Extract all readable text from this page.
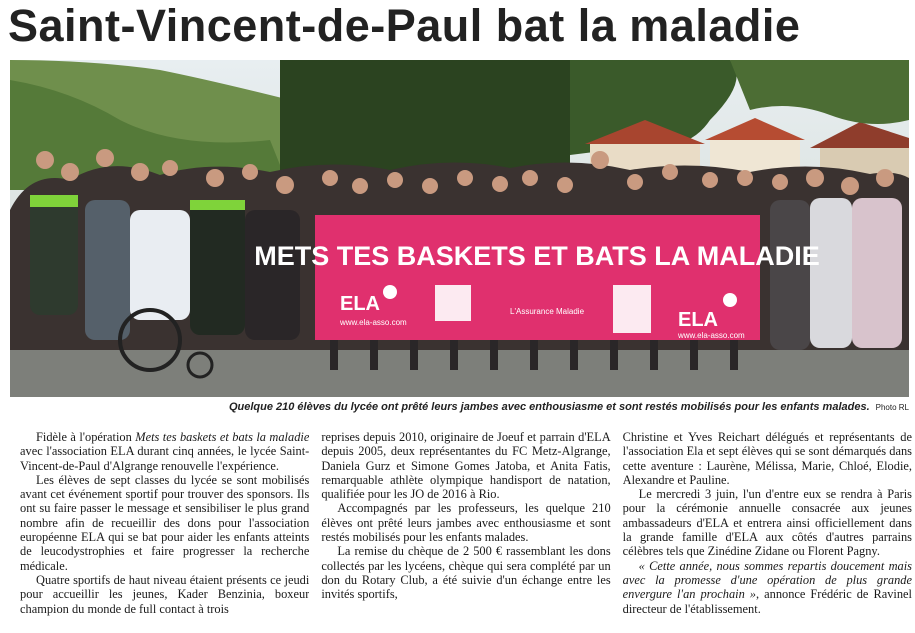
Saint-Vincent-de-Paul bat la maladie
METS TES BASKETS ET BATS LA MALADIE
ELA
www.ela-asso.com
L'Assurance Maladie	ELA
www.ela-asso.com
Quelque 210 élèves du lycée ont prêté leurs jambes avec enthousiasme et sont restés mobilisés pour les enfants malades. Photo RL

Fidèle à l'opération Mets tes baskets et bats la maladie avec l'association ELA durant cinq années, le lycée Saint-Vincent-de-Paul d'Algrange renouvelle l'expérience.

Les élèves de sept classes du lycée se sont mobilisés avant cet événement sportif pour trouver des sponsors. Ils ont su faire passer le message et sensibiliser le plus grand nombre afin de recueillir des dons pour l'association européenne ELA qui se bat pour aider les enfants atteints de leucodystrophies et faire progresser la recherche médicale.

Quatre sportifs de haut niveau étaient présents ce jeudi pour accueillir les jeunes, Kader Benzinia, boxeur champion du monde de full contact à trois

reprises depuis 2010, originaire de Joeuf et parrain d'ELA depuis 2005, deux représentantes du FC Metz-Algrange, Daniela Gurz et Simone Gomes Jatoba, et Anita Fatis, remarquable athlète olympique handisport de natation, qualifiée pour les JO de 2016 à Rio.

Accompagnés par les professeurs, les quelque 210 élèves ont prêté leurs jambes avec enthousiasme et sont restés mobilisés pour les enfants malades.

La remise du chèque de 2 500 € rassemblant les dons collectés par les lycéens, chèque qui sera complété par un don du Rotary Club, a été suivie d'un échange entre les invités sportifs,

Christine et Yves Reichart délégués et représentants de l'association Ela et sept élèves qui se sont démarqués dans cette aventure : Laurène, Mélissa, Marie, Chloé, Elodie, Alexandre et Pauline.

Le mercredi 3 juin, l'un d'entre eux se rendra à Paris pour la cérémonie annuelle consacrée aux jeunes ambassadeurs d'ELA et entrera ainsi officiellement dans la grande famille d'ELA aux côtés d'autres parrains célèbres tels que Zinédine Zidane ou Florent Pagny.

« Cette année, nous sommes repartis doucement mais avec la promesse d'une opération de plus grande envergure l'an prochain », annonce Frédéric de Ravinel directeur de l'établissement.
